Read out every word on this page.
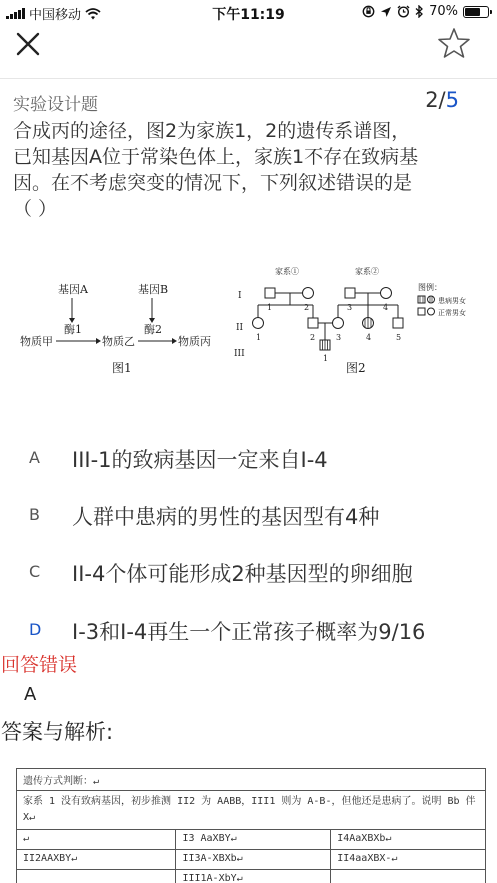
中国移动	下午11:19	70%
实验设计题	2/5
合成丙的途径，图2为家族1，2的遗传系谱图，
已知基因A位于常染色体上，家族1不存在致病基
因。在不考虑突变的情况下，下列叙述错误的是
（ ）
基因A	基因B
酶1	酶2
物质甲	物质乙	物质丙
图1
家系①	家系②
I
II
III
1	2	3	4
1	2	3	4	5
1
图例：
患病男女
正常男女
图2
A III-1的致病基因一定来自I-4
B 人群中患病的男性的基因型有4种
C II-4个体可能形成2种基因型的卵细胞
D I-3和I-4再生一个正常孩子概率为9/16
回答错误
A
答案与解析:
遗传方式判断：↵		
家系 1 没有致病基因，初步推测 II2 为 AABB，III1 则为 A-B-，但他还是患病了。说明 Bb 伴 X↵		
↵	I3 AaXBY↵	I4AaXBXb↵
II2AAXBY↵	II3A-XBXb↵	II4aaXBX-↵
	III1A-XbY↵	
